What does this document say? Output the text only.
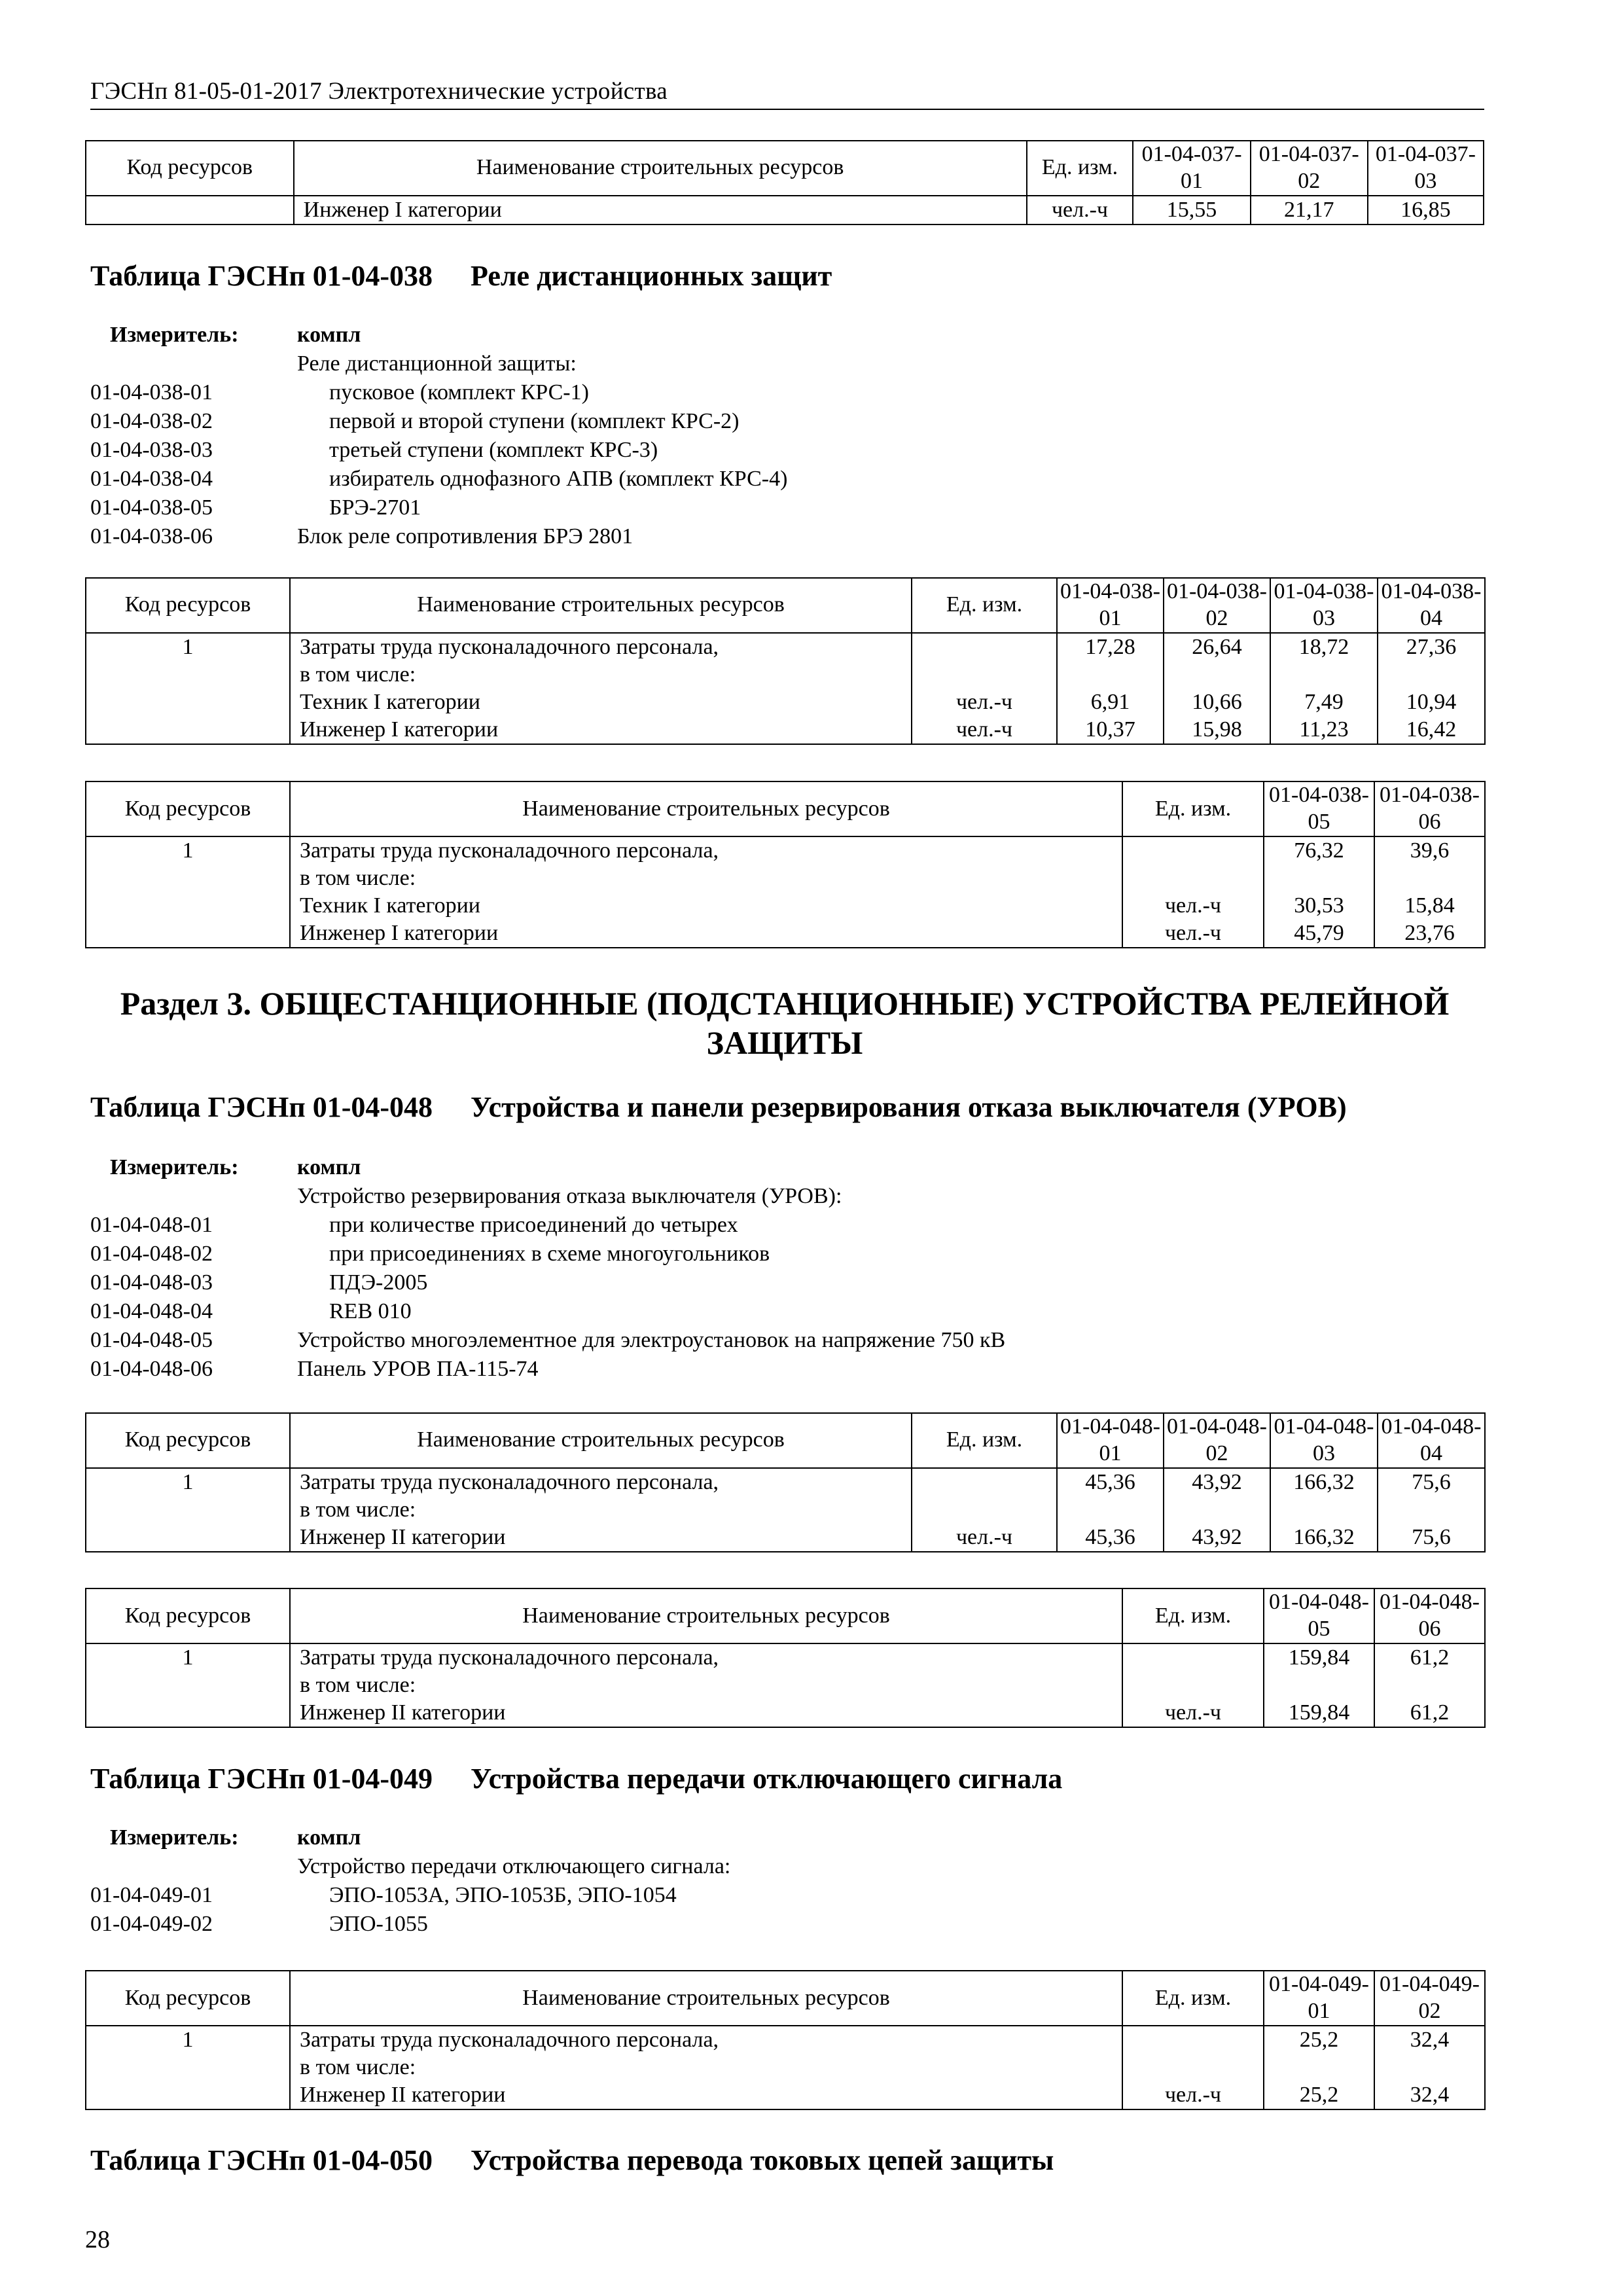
ГЭСНп 81-05-01-2017 Электротехнические устройства
Код ресурсов	Наименование строительных ресурсов	Ед. изм.	01-04-037-01	01-04-037-02	01-04-037-03
	Инженер I категории	чел.-ч	15,55	21,17	16,85
Таблица ГЭСНп 01-04-038 Реле дистанционных защит
Измеритель:	компл
Реле дистанционной защиты:
01-04-038-01	пусковое (комплект КРС-1)
01-04-038-02	первой и второй ступени (комплект КРС-2)
01-04-038-03	третьей ступени (комплект КРС-3)
01-04-038-04	избиратель однофазного АПВ (комплект КРС-4)
01-04-038-05	БРЭ-2701
01-04-038-06	Блок реле сопротивления БРЭ 2801
Код ресурсов	Наименование строительных ресурсов	Ед. изм.	01-04-038-01	01-04-038-02	01-04-038-03	01-04-038-04
1	Затраты труда пусконаладочного персонала,		17,28	26,64	18,72	27,36
	в том числе:					
	Техник I категории	чел.-ч	6,91	10,66	7,49	10,94
	Инженер I категории	чел.-ч	10,37	15,98	11,23	16,42
Код ресурсов	Наименование строительных ресурсов	Ед. изм.	01-04-038-05	01-04-038-06
1	Затраты труда пусконаладочного персонала,		76,32	39,6
	в том числе:			
	Техник I категории	чел.-ч	30,53	15,84
	Инженер I категории	чел.-ч	45,79	23,76
Раздел 3. ОБЩЕСТАНЦИОННЫЕ (ПОДСТАНЦИОННЫЕ) УСТРОЙСТВА РЕЛЕЙНОЙ
ЗАЩИТЫ
Таблица ГЭСНп 01-04-048 Устройства и панели резервирования отказа выключателя (УРОВ)
Измеритель:	компл
Устройство резервирования отказа выключателя (УРОВ):
01-04-048-01	при количестве присоединений до четырех
01-04-048-02	при присоединениях в схеме многоугольников
01-04-048-03	ПДЭ-2005
01-04-048-04	REB 010
01-04-048-05	Устройство многоэлементное для электроустановок на напряжение 750 кВ
01-04-048-06	Панель УРОВ ПА-115-74
Код ресурсов	Наименование строительных ресурсов	Ед. изм.	01-04-048-01	01-04-048-02	01-04-048-03	01-04-048-04
1	Затраты труда пусконаладочного персонала,		45,36	43,92	166,32	75,6
	в том числе:					
	Инженер II категории	чел.-ч	45,36	43,92	166,32	75,6
Код ресурсов	Наименование строительных ресурсов	Ед. изм.	01-04-048-05	01-04-048-06
1	Затраты труда пусконаладочного персонала,		159,84	61,2
	в том числе:			
	Инженер II категории	чел.-ч	159,84	61,2
Таблица ГЭСНп 01-04-049 Устройства передачи отключающего сигнала
Измеритель:	компл
Устройство передачи отключающего сигнала:
01-04-049-01	ЭПО-1053А, ЭПО-1053Б, ЭПО-1054
01-04-049-02	ЭПО-1055
Код ресурсов	Наименование строительных ресурсов	Ед. изм.	01-04-049-01	01-04-049-02
1	Затраты труда пусконаладочного персонала,		25,2	32,4
	в том числе:			
	Инженер II категории	чел.-ч	25,2	32,4
Таблица ГЭСНп 01-04-050 Устройства перевода токовых цепей защиты
28
